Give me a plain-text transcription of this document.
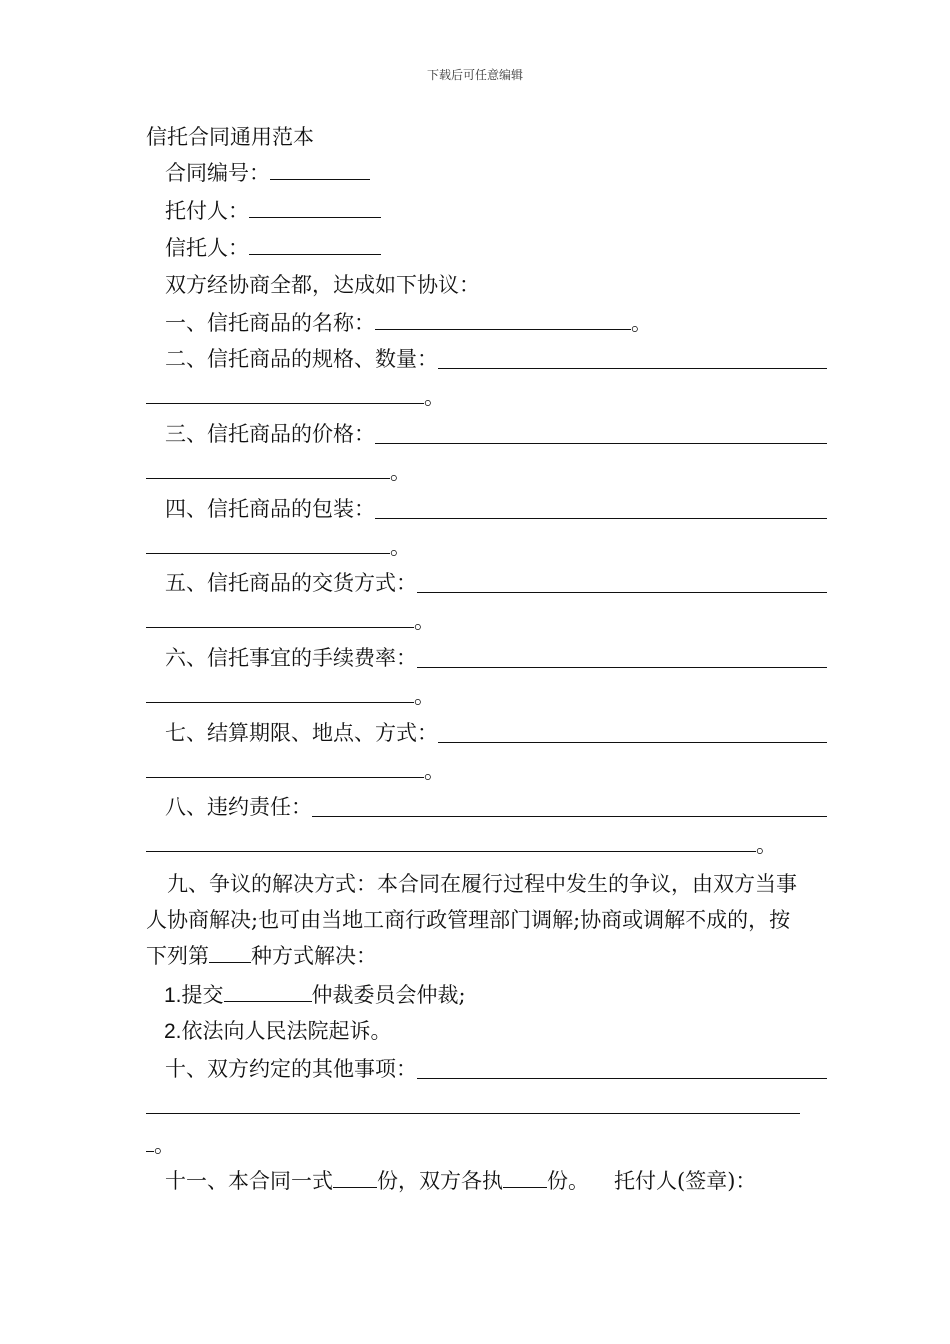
下载后可任意编辑
信托合同通用范本
合同编号：
托付人：
信托人：
双方经协商全都，达成如下协议：
一、信托商品的名称：	。
二、信托商品的规格、数量：
。
三、信托商品的价格：
。
四、信托商品的包装：
。
五、信托商品的交货方式：
。
六、信托事宜的手续费率：
。
七、结算期限、地点、方式：
。
八、违约责任：
。
九、争议的解决方式：本合同在履行过程中发生的争议，由双方当事人协商解决;也可由当地工商行政管理部门调解;协商或调解不成的，按下列第 种方式解决：
1.提交	仲裁委员会仲裁;
2.依法向人民法院起诉。
十、双方约定的其他事项：
。
十一、本合同一式 份，双方各执 份。 托付人(签章)：
